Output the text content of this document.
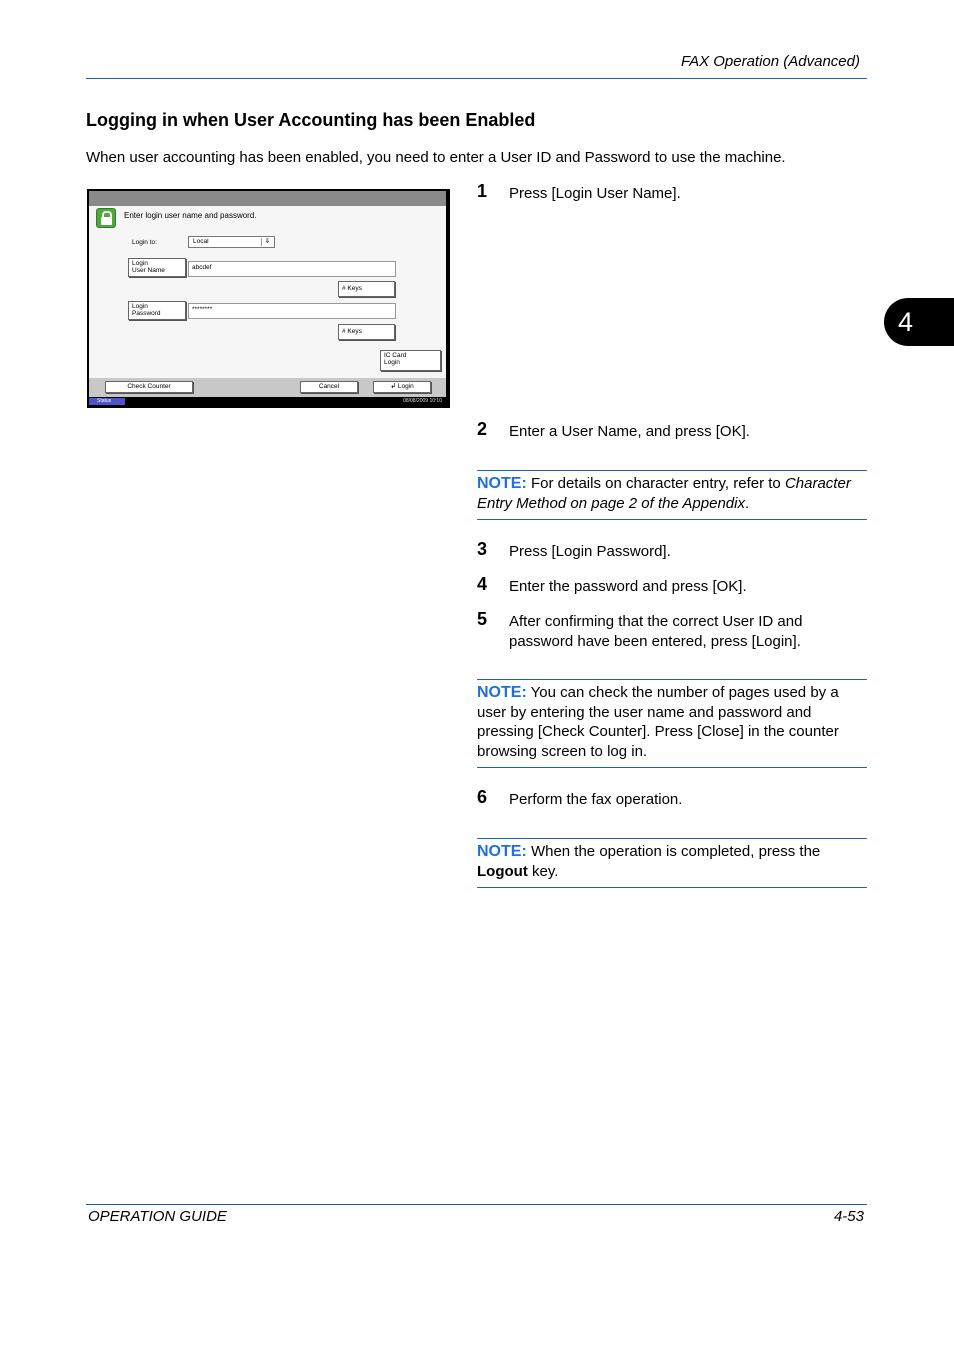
FAX Operation (Advanced)
4
Logging in when User Accounting has been Enabled
When user accounting has been enabled, you need to enter a User ID and Password to use the machine.
Enter login user name and password.
Login to:	Local	⇓
Login
User Name	abcdef
# Keys
Login
Password
********
# Keys
IC Card
Login
Check Counter	Cancel	↲ Login
Status	08/08/2009 10:10
1 Press [Login User Name].
2 Enter a User Name, and press [OK].
NOTE: For details on character entry, refer to Character Entry Method on page 2 of the Appendix.
3 Press [Login Password].
4 Enter the password and press [OK].
5 After confirming that the correct User ID and password have been entered, press [Login].
NOTE: You can check the number of pages used by a user by entering the user name and password and pressing [Check Counter]. Press [Close] in the counter browsing screen to log in.
6 Perform the fax operation.
NOTE: When the operation is completed, press the Logout key.
OPERATION GUIDE	4-53
